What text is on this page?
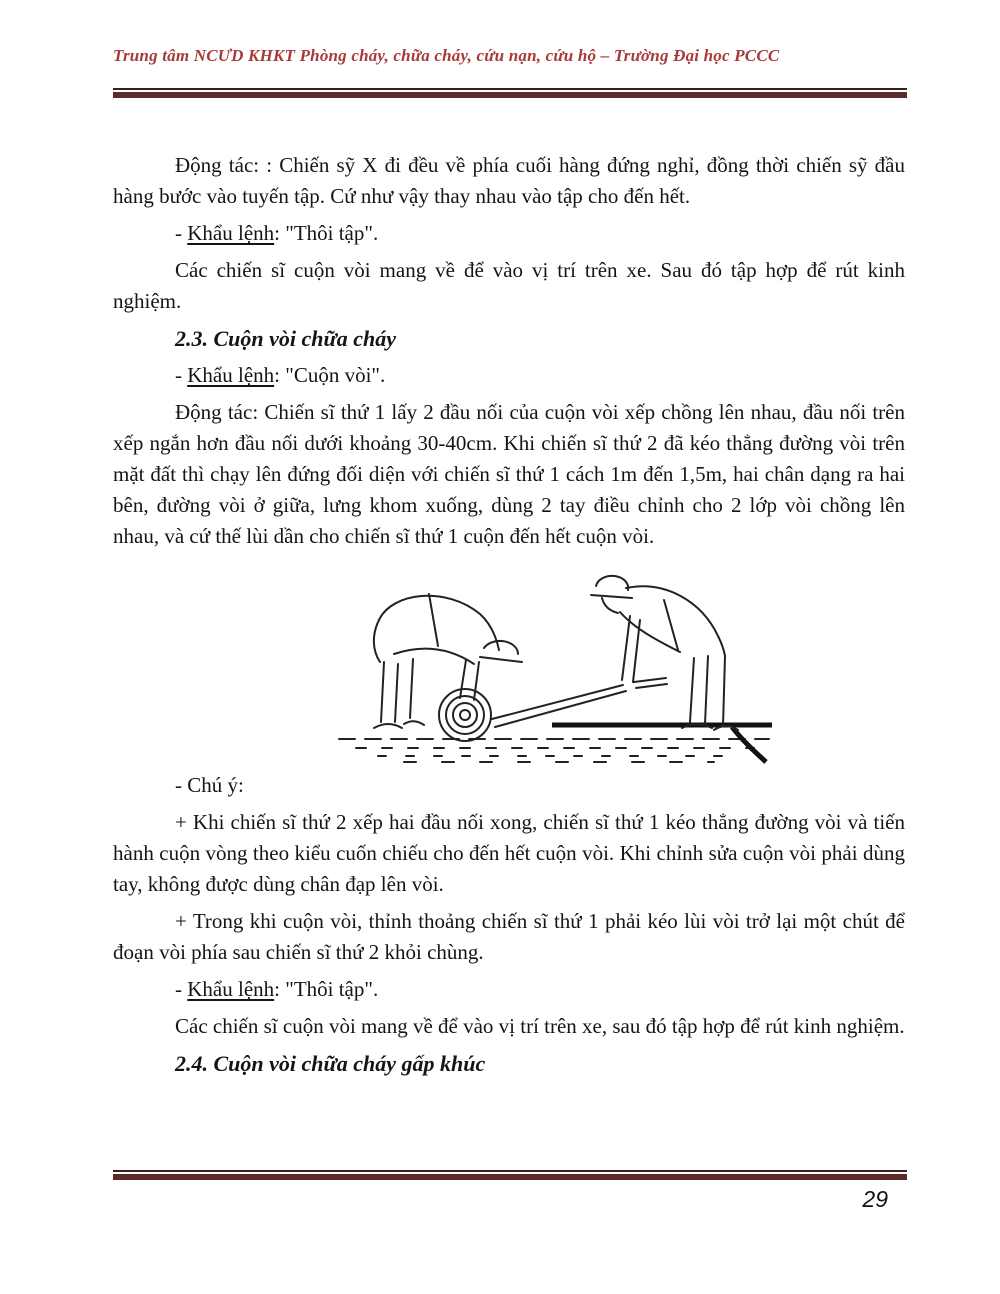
Trung tâm NCƯD KHKT Phòng cháy, chữa cháy, cứu nạn, cứu hộ – Trường Đại học PCCC

Động tác: : Chiến sỹ X đi đều về phía cuối hàng đứng nghỉ, đồng thời chiến sỹ đầu hàng bước vào tuyến tập. Cứ như vậy thay nhau vào tập cho đến hết.

- Khẩu lệnh: "Thôi tập".

Các chiến sĩ cuộn vòi mang về để vào vị trí trên xe. Sau đó tập hợp để rút kinh nghiệm.

2.3. Cuộn vòi chữa cháy

- Khẩu lệnh: "Cuộn vòi".

Động tác: Chiến sĩ thứ 1 lấy 2 đầu nối của cuộn vòi xếp chồng lên nhau, đầu nối trên xếp ngắn hơn đầu nối dưới khoảng 30-40cm. Khi chiến sĩ thứ 2 đã kéo thẳng đường vòi trên mặt đất thì chạy lên đứng đối diện với chiến sĩ thứ 1 cách 1m đến 1,5m, hai chân dạng ra hai bên, đường vòi ở giữa, lưng khom xuống, dùng 2 tay điều chỉnh cho 2 lớp vòi chồng lên nhau, và cứ thế lùi dần cho chiến sĩ thứ 1 cuộn đến hết cuộn vòi.

- Chú ý:

+ Khi chiến sĩ thứ 2 xếp hai đầu nối xong, chiến sĩ thứ 1 kéo thẳng đường vòi và tiến hành cuộn vòng theo kiểu cuốn chiếu cho đến hết cuộn vòi. Khi chỉnh sửa cuộn vòi phải dùng tay, không được dùng chân đạp lên vòi.

+ Trong khi cuộn vòi, thỉnh thoảng chiến sĩ thứ 1 phải kéo lùi vòi trở lại một chút để đoạn vòi phía sau chiến sĩ thứ 2 khỏi chùng.

- Khẩu lệnh: "Thôi tập".

Các chiến sĩ cuộn vòi mang về để vào vị trí trên xe, sau đó tập hợp để rút kinh nghiệm.

2.4. Cuộn vòi chữa cháy gấp khúc
29
